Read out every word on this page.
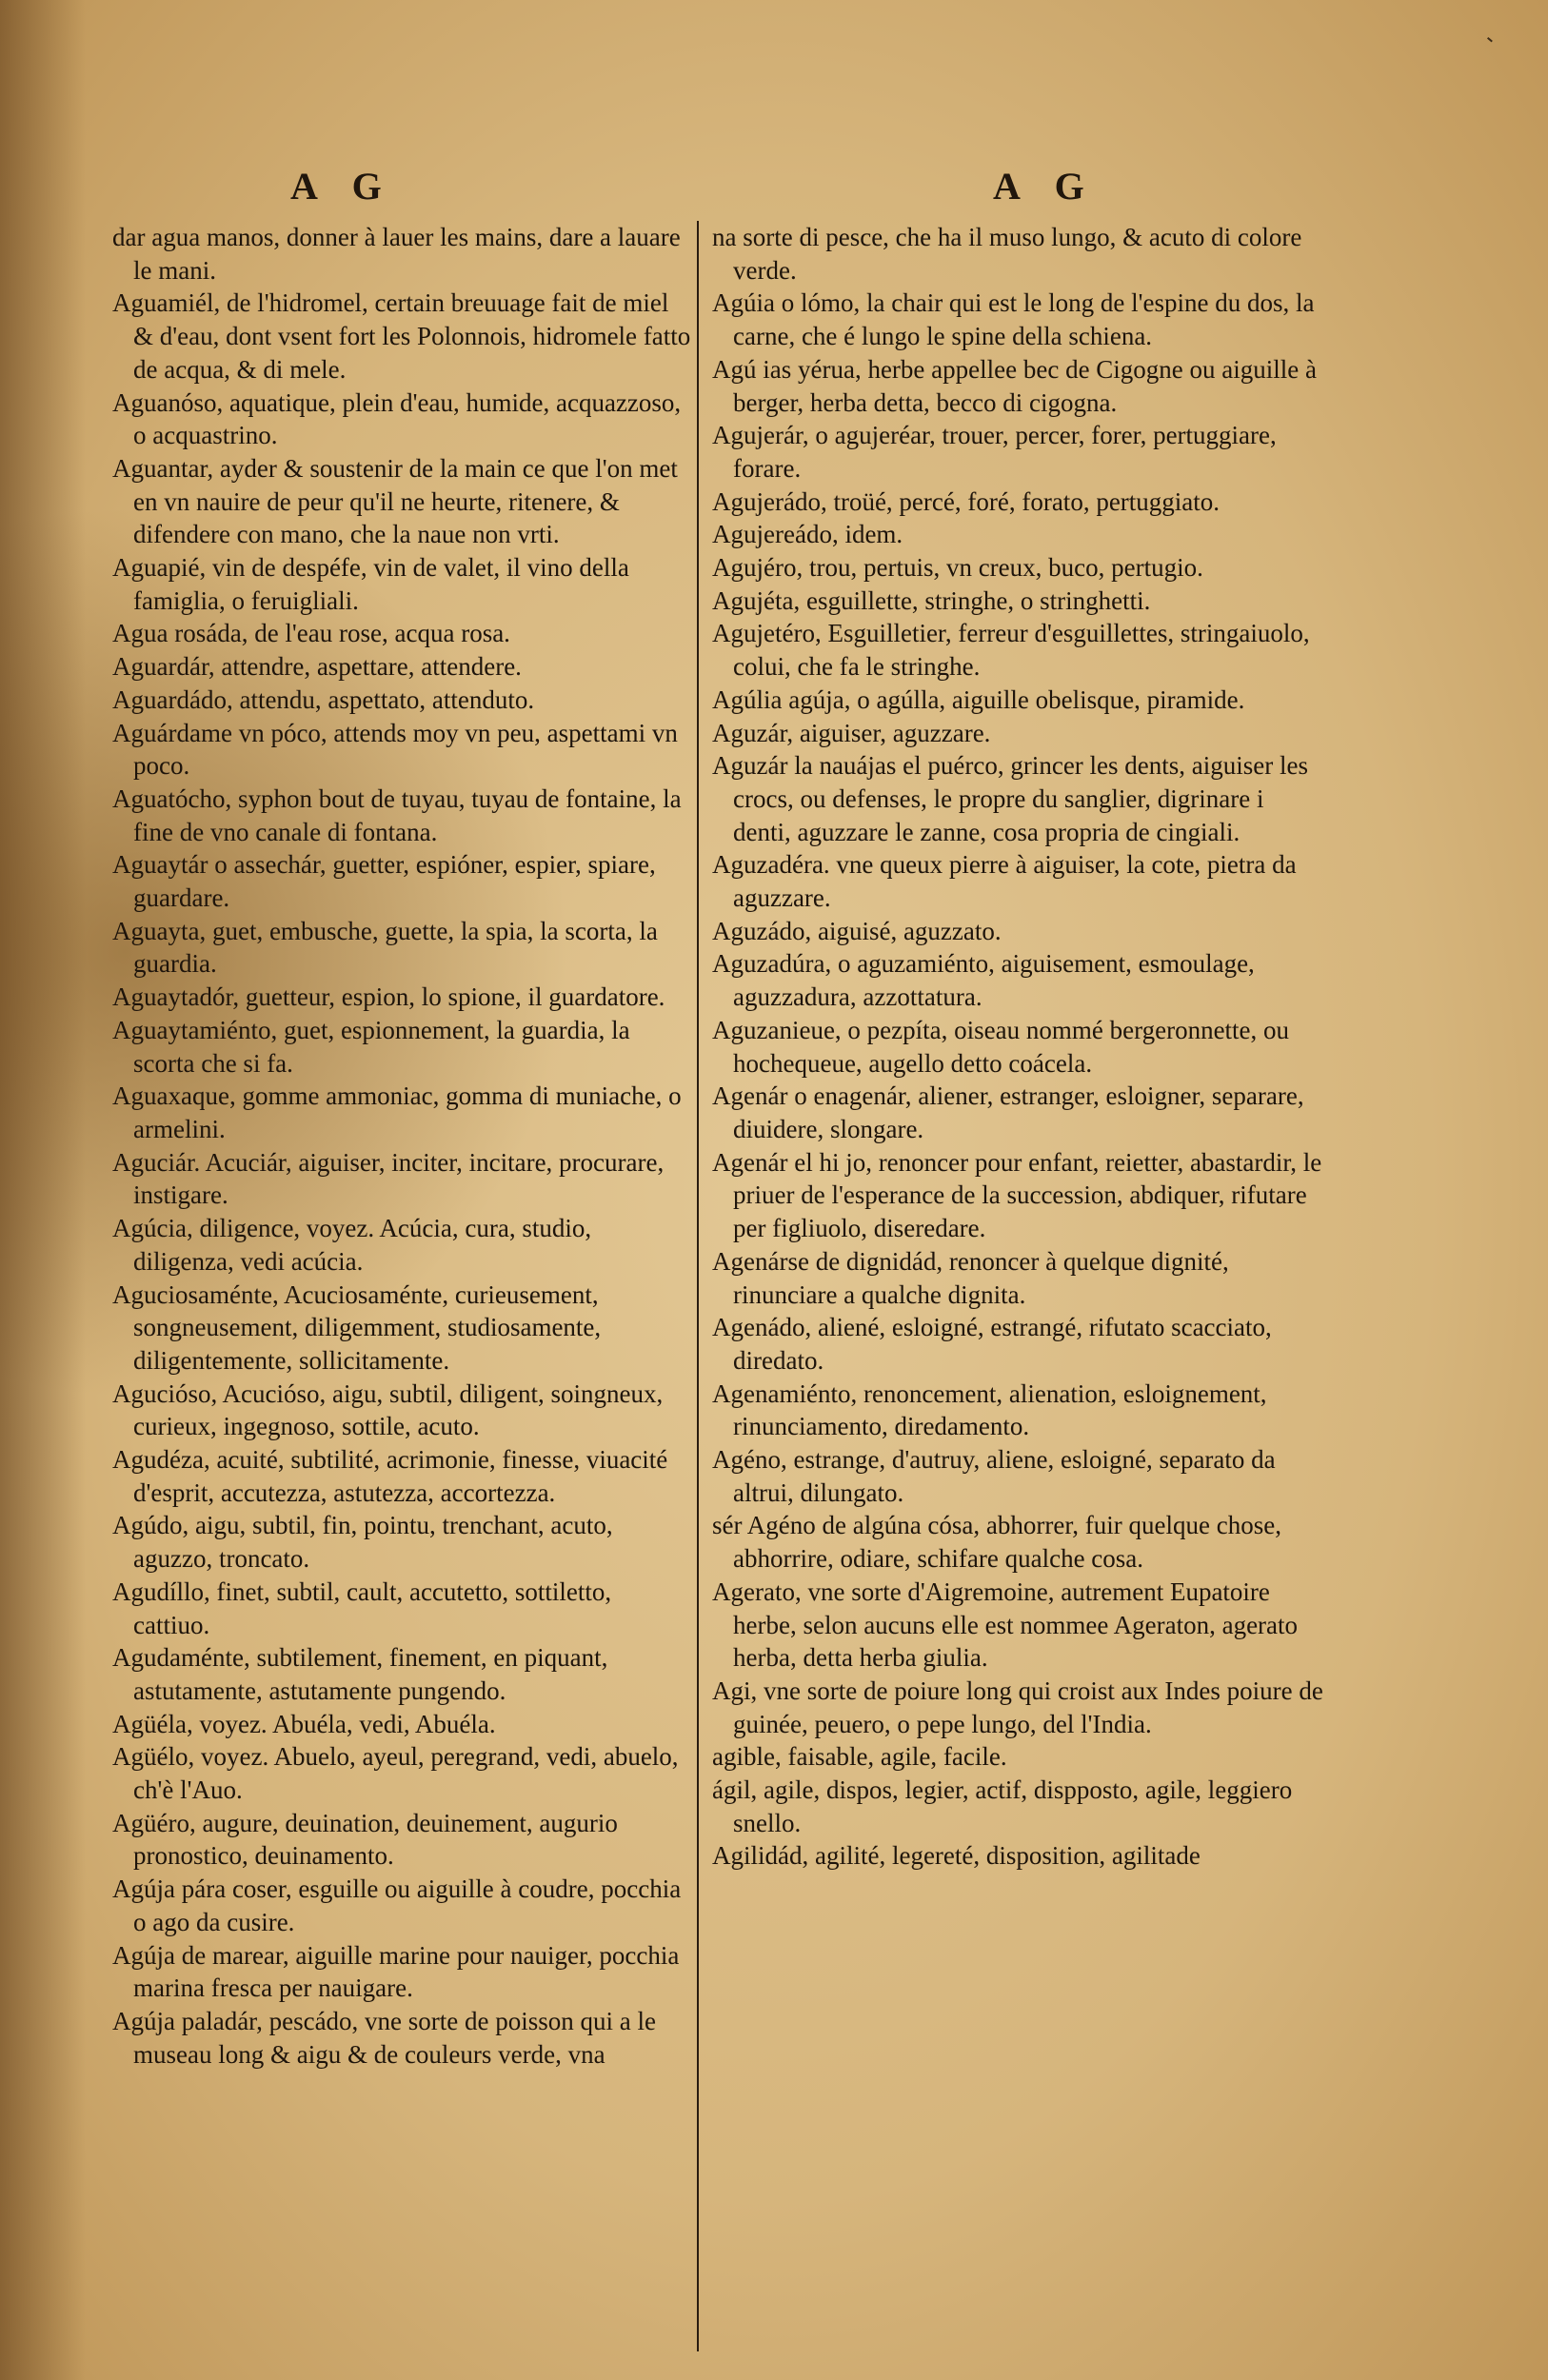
A G	A G

dar agua manos, donner à lauer les mains, dare a lauare le mani.

Aguamiél, de l'hidromel, certain breuuage fait de miel & d'eau, dont vsent fort les Polonnois, hidromele fatto de acqua, & di mele.

Aguanóso, aquatique, plein d'eau, humide, acquazzoso, o acquastrino.

Aguantar, ayder & soustenir de la main ce que l'on met en vn nauire de peur qu'il ne heurte, ritenere, & difendere con mano, che la naue non vrti.

Aguapié, vin de despéfe, vin de valet, il vino della famiglia, o feruigliali.

Agua rosáda, de l'eau rose, acqua rosa.

Aguardár, attendre, aspettare, attendere.

Aguardádo, attendu, aspettato, attenduto.

Aguárdame vn póco, attends moy vn peu, aspettami vn poco.

Aguatócho, syphon bout de tuyau, tuyau de fontaine, la fine de vno canale di fontana.

Aguaytár o assechár, guetter, espióner, espier, spiare, guardare.

Aguayta, guet, embusche, guette, la spia, la scorta, la guardia.

Aguaytadór, guetteur, espion, lo spione, il guardatore.

Aguaytamiénto, guet, espionnement, la guardia, la scorta che si fa.

Aguaxaque, gomme ammoniac, gomma di muniache, o armelini.

Aguciár. Acuciár, aiguiser, inciter, incitare, procurare, instigare.

Agúcia, diligence, voyez. Acúcia, cura, studio, diligenza, vedi acúcia.

Aguciosaménte, Acuciosaménte, curieusement, songneusement, diligemment, studiosamente, diligentemente, sollicitamente.

Agucióso, Acucióso, aigu, subtil, diligent, soingneux, curieux, ingegnoso, sottile, acuto.

Agudéza, acuité, subtilité, acrimonie, finesse, viuacité d'esprit, accutezza, astutezza, accortezza.

Agúdo, aigu, subtil, fin, pointu, trenchant, acuto, aguzzo, troncato.

Agudíllo, finet, subtil, cault, accutetto, sottiletto, cattiuo.

Agudaménte, subtilement, finement, en piquant, astutamente, astutamente pungendo.

Agüéla, voyez. Abuéla, vedi, Abuéla.

Agüélo, voyez. Abuelo, ayeul, peregrand, vedi, abuelo, ch'è l'Auo.

Agüéro, augure, deuination, deuinement, augurio pronostico, deuinamento.

Agúja pára coser, esguille ou aiguille à coudre, pocchia o ago da cusire.

Agúja de marear, aiguille marine pour nauiger, pocchia marina fresca per nauigare.

Agúja paladár, pescádo, vne sorte de poisson qui a le museau long & aigu & de couleurs verde, vna

na sorte di pesce, che ha il muso lungo, & acuto di colore verde.

Agúia o lómo, la chair qui est le long de l'espine du dos, la carne, che é lungo le spine della schiena.

Agú ias yérua, herbe appellee bec de Cigogne ou aiguille à berger, herba detta, becco di cigogna.

Agujerár, o agujeréar, trouer, percer, forer, pertuggiare, forare.

Agujerádo, troüé, percé, foré, forato, pertuggiato.

Agujereádo, idem.

Agujéro, trou, pertuis, vn creux, buco, pertugio.

Agujéta, esguillette, stringhe, o stringhetti.

Agujetéro, Esguilletier, ferreur d'esguillettes, stringaiuolo, colui, che fa le stringhe.

Agúlia agúja, o agúlla, aiguille obelisque, piramide.

Aguzár, aiguiser, aguzzare.

Aguzár la nauájas el puérco, grincer les dents, aiguiser les crocs, ou defenses, le propre du sanglier, digrinare i denti, aguzzare le zanne, cosa propria de cingiali.

Aguzadéra. vne queux pierre à aiguiser, la cote, pietra da aguzzare.

Aguzádo, aiguisé, aguzzato.

Aguzadúra, o aguzamiénto, aiguisement, esmoulage, aguzzadura, azzottatura.

Aguzanieue, o pezpíta, oiseau nommé bergeronnette, ou hochequeue, augello detto coácela.

Agenár o enagenár, aliener, estranger, esloigner, separare, diuidere, slongare.

Agenár el hi jo, renoncer pour enfant, reietter, abastardir, le priuer de l'esperance de la succession, abdiquer, rifutare per figliuolo, diseredare.

Agenárse de dignidád, renoncer à quelque dignité, rinunciare a qualche dignita.

Agenádo, aliené, esloigné, estrangé, rifutato scacciato, diredato.

Agenamiénto, renoncement, alienation, esloignement, rinunciamento, diredamento.

Agéno, estrange, d'autruy, aliene, esloigné, separato da altrui, dilungato.

sér Agéno de algúna cósa, abhorrer, fuir quelque chose, abhorrire, odiare, schifare qualche cosa.

Agerato, vne sorte d'Aigremoine, autrement Eupatoire herbe, selon aucuns elle est nommee Ageraton, agerato herba, detta herba giulia.

Agi, vne sorte de poiure long qui croist aux Indes poiure de guinée, peuero, o pepe lungo, del l'India.

agible, faisable, agile, facile.

ágil, agile, dispos, legier, actif, dispposto, agile, leggiero snello.

Agilidád, agilité, legereté, disposition, agilitade
